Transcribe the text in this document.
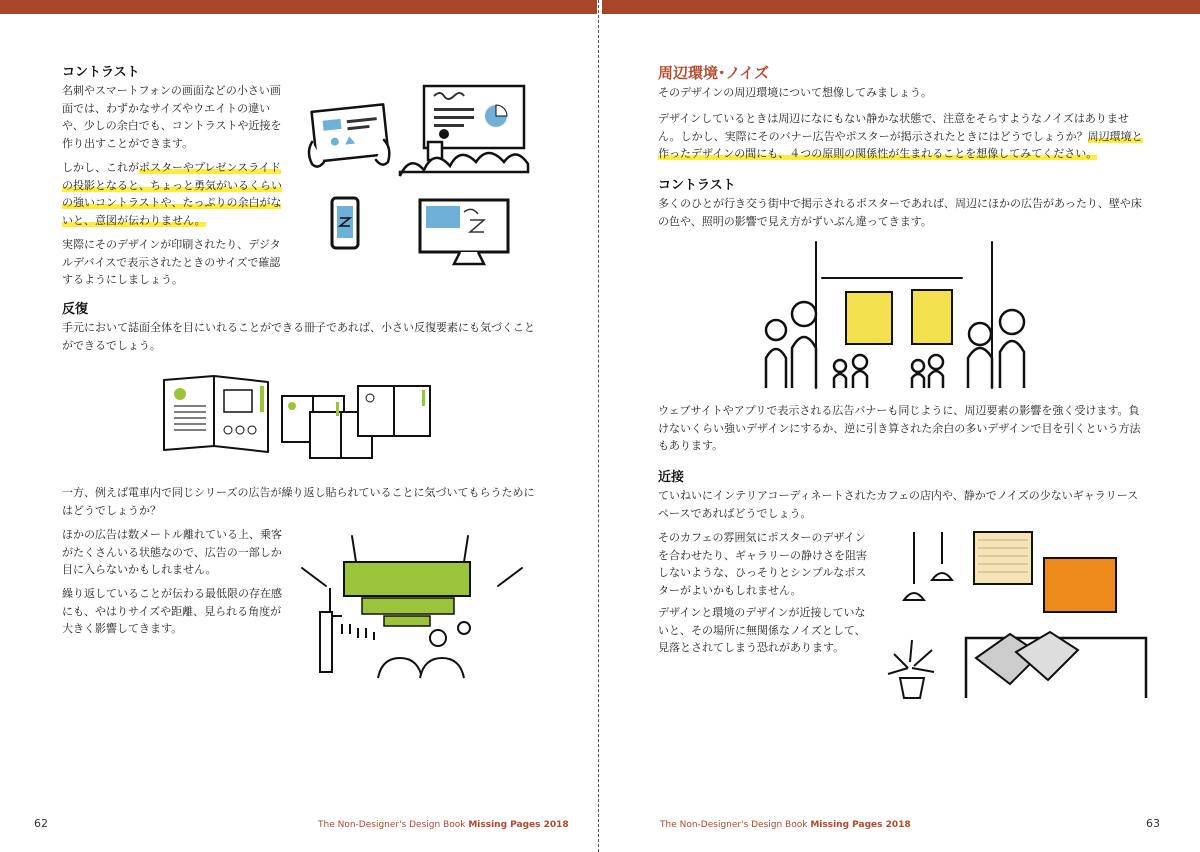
コントラスト

名刺やスマートフォンの画面などの小さい画面では、わずかなサイズやウエイトの違いや、少しの余白でも、コントラストや近接を作り出すことができます。

しかし、これがポスターやプレゼンスライドの投影となると、ちょっと勇気がいるくらいの強いコントラストや、たっぷりの余白がないと、意図が伝わりません。

実際にそのデザインが印刷されたり、デジタルデバイスで表示されたときのサイズで確認するようにしましょう。

反復

手元において誌面全体を目にいれることができる冊子であれば、小さい反復要素にも気づくことができるでしょう。

一方、例えば電車内で同じシリーズの広告が繰り返し貼られていることに気づいてもらうためにはどうでしょうか？

ほかの広告は数メートル離れている上、乗客がたくさんいる状態なので、広告の一部しか目に入らないかもしれません。

繰り返していることが伝わる最低限の存在感にも、やはりサイズや距離、見られる角度が大きく影響してきます。

The Non-Designer's Design Book Missing Pages 2018
62
周辺環境･ノイズ

そのデザインの周辺環境について想像してみましょう。

デザインしているときは周辺になにもない静かな状態で、注意をそらすようなノイズはありません。しかし、実際にそのバナー広告やポスターが掲示されたときにはどうでしょうか？周辺環境と作ったデザインの間にも、４つの原則の関係性が生まれることを想像してみてください。

コントラスト

多くのひとが行き交う街中で掲示されるポスターであれば、周辺にほかの広告があったり、壁や床の色や、照明の影響で見え方がずいぶん違ってきます。

ウェブサイトやアプリで表示される広告バナーも同じように、周辺要素の影響を強く受けます。負けないくらい強いデザインにするか、逆に引き算された余白の多いデザインで目を引くという方法もあります。

近接

ていねいにインテリアコーディネートされたカフェの店内や、静かでノイズの少ないギャラリースペースであればどうでしょう。

そのカフェの雰囲気にポスターのデザインを合わせたり、ギャラリーの静けさを阻害しないような、ひっそりとシンプルなポスターがよいかもしれません。

デザインと環境のデザインが近接していないと、その場所に無関係なノイズとして、見落とされてしまう恐れがあります。

The Non-Designer's Design Book Missing Pages 2018	63
